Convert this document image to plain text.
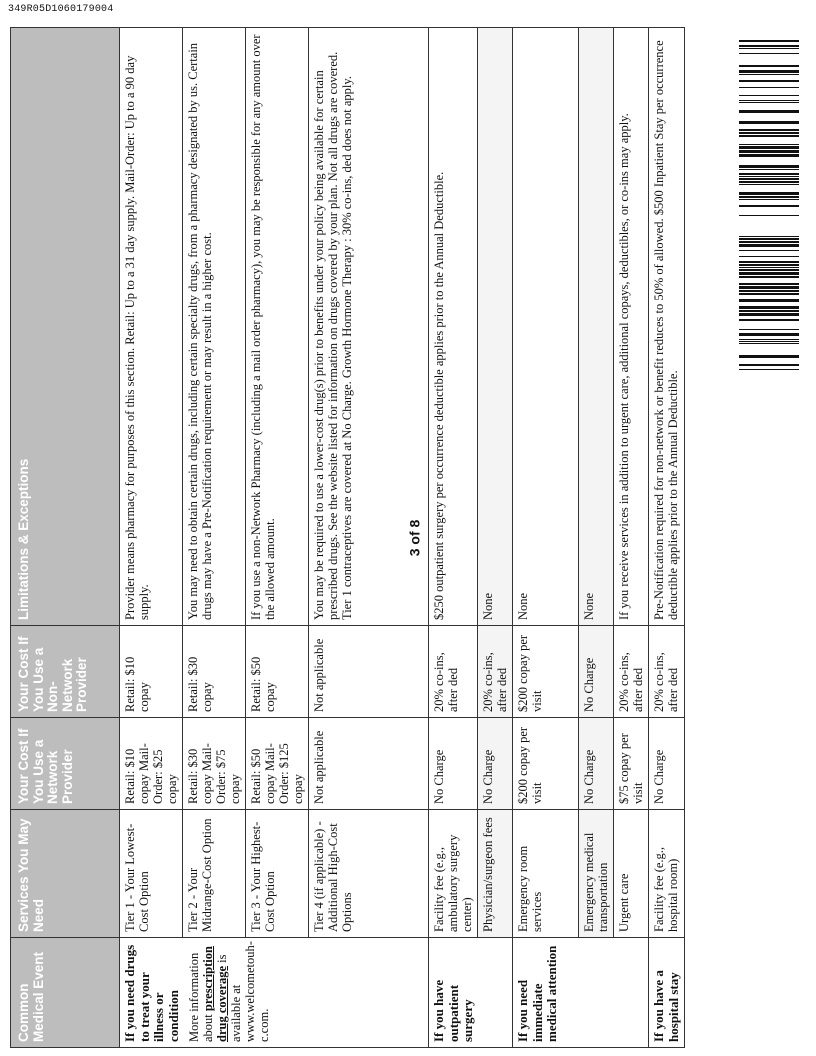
349R05D1060179004
Common Medical Event	Services You May Need	Your Cost If You Use a Network Provider	Your Cost If You Use a Non-Network Provider	Limitations & Exceptions

If you need drugs to treat your illness or condition More information about prescription drug coverage is available at www.welcometouh-c.com.	Tier 1 - Your Lowest-Cost Option	Retail: $10 copay Mail-Order: $25 copay	Retail: $10 copay	Provider means pharmacy for purposes of this section. Retail: Up to a 31 day supply. Mail-Order: Up to a 90 day supply.
	Tier 2 - Your Midrange-Cost Option	Retail: $30 copay Mail-Order: $75 copay	Retail: $30 copay	You may need to obtain certain drugs, including certain specialty drugs, from a pharmacy designated by us. Certain drugs may have a Pre-Notification requirement or may result in a higher cost.
	Tier 3 - Your Highest-Cost Option	Retail: $50 copay Mail-Order: $125 copay	Retail: $50 copay	If you use a non-Network Pharmacy (including a mail order pharmacy), you may be responsible for any amount over the allowed amount.
	Tier 4 (if applicable) - Additional High-Cost Options	Not applicable	Not applicable	You may be required to use a lower-cost drug(s) prior to benefits under your policy being available for certain prescribed drugs. See the website listed for information on drugs covered by your plan. Not all drugs are covered. Tier 1 contraceptives are covered at No Charge. Growth Hormone Therapy : 30% co-ins, ded does not apply.
If you have outpatient surgery	Facility fee (e.g., ambulatory surgery center)	No Charge	20% co-ins, after ded	$250 outpatient surgery per occurrence deductible applies prior to the Annual Deductible.
	Physician/surgeon fees	No Charge	20% co-ins, after ded	None
If you need immediate medical attention	Emergency room services	$200 copay per visit	$200 copay per visit	None
	Emergency medical transportation	No Charge	No Charge	None
	Urgent care	$75 copay per visit	20% co-ins, after ded	If you receive services in addition to urgent care, additional copays, deductibles, or co-ins may apply.
If you have a hospital stay	Facility fee (e.g., hospital room)	No Charge	20% co-ins, after ded	Pre-Notification required for non-network or benefit reduces to 50% of allowed. $500 Inpatient Stay per occurrence deductible applies prior to the Annual Deductible.
3 of 8
